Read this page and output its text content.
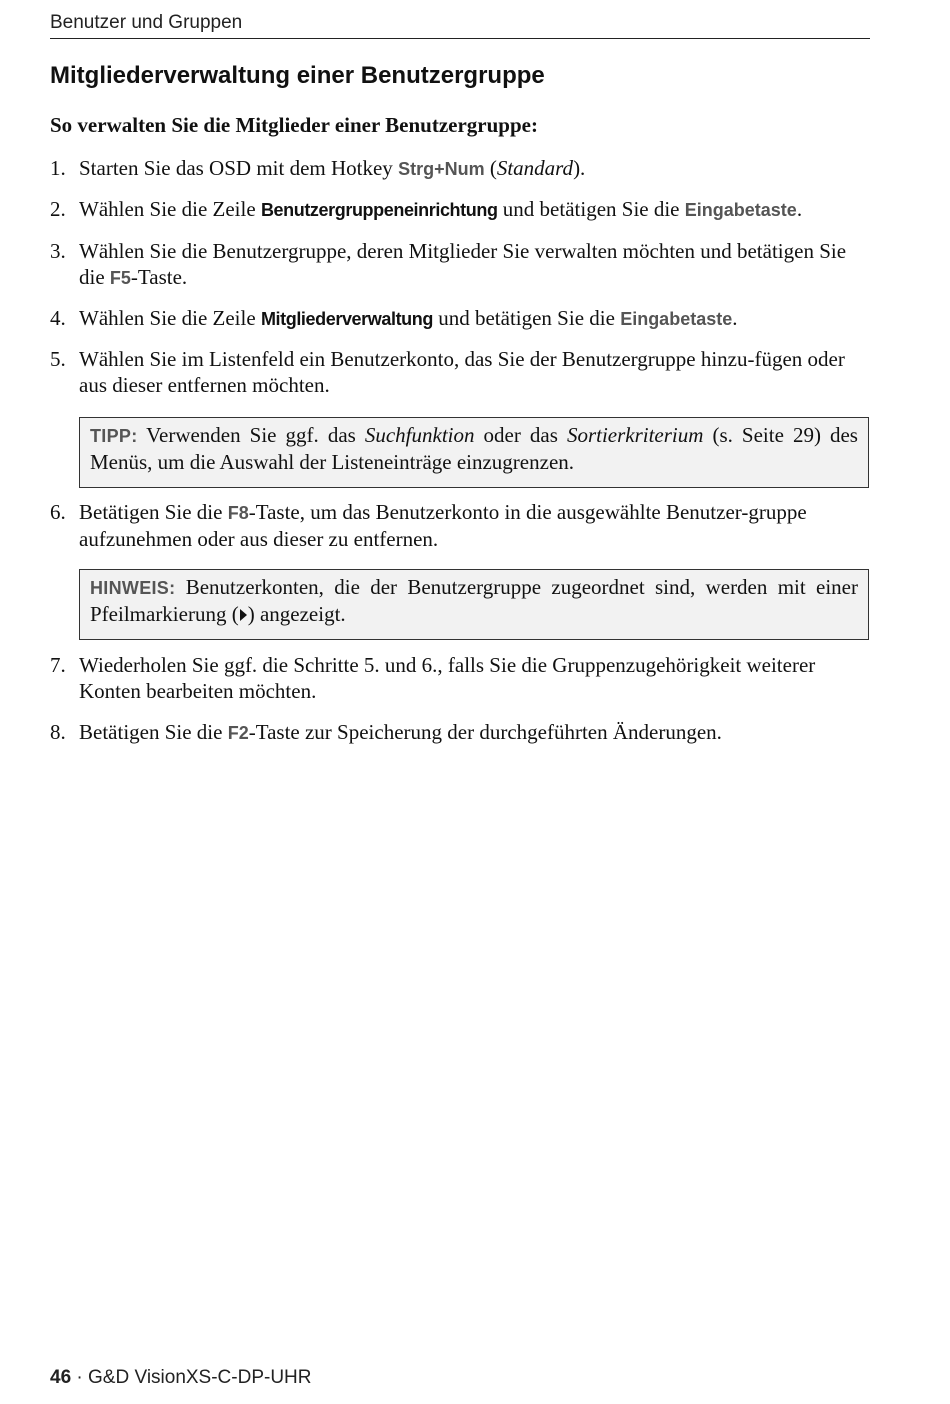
Benutzer und Gruppen
Mitgliederverwaltung einer Benutzergruppe
So verwalten Sie die Mitglieder einer Benutzergruppe:
1. Starten Sie das OSD mit dem Hotkey Strg+Num (Standard).
2. Wählen Sie die Zeile Benutzergruppeneinrichtung und betätigen Sie die Eingabetaste.
3. Wählen Sie die Benutzergruppe, deren Mitglieder Sie verwalten möchten und betätigen Sie die F5-Taste.
4. Wählen Sie die Zeile Mitgliederverwaltung und betätigen Sie die Eingabetaste.
5. Wählen Sie im Listenfeld ein Benutzerkonto, das Sie der Benutzergruppe hinzu-fügen oder aus dieser entfernen möchten.
TIPP: Verwenden Sie ggf. das Suchfunktion oder das Sortierkriterium (s. Seite 29) des Menüs, um die Auswahl der Listeneinträge einzugrenzen.
6. Betätigen Sie die F8-Taste, um das Benutzerkonto in die ausgewählte Benutzer-gruppe aufzunehmen oder aus dieser zu entfernen.
HINWEIS: Benutzerkonten, die der Benutzergruppe zugeordnet sind, werden mit einer Pfeilmarkierung ( ) angezeigt.
7. Wiederholen Sie ggf. die Schritte 5. und 6., falls Sie die Gruppenzugehörigkeit weiterer Konten bearbeiten möchten.
8. Betätigen Sie die F2-Taste zur Speicherung der durchgeführten Änderungen.
46 · G&D VisionXS-C-DP-UHR
